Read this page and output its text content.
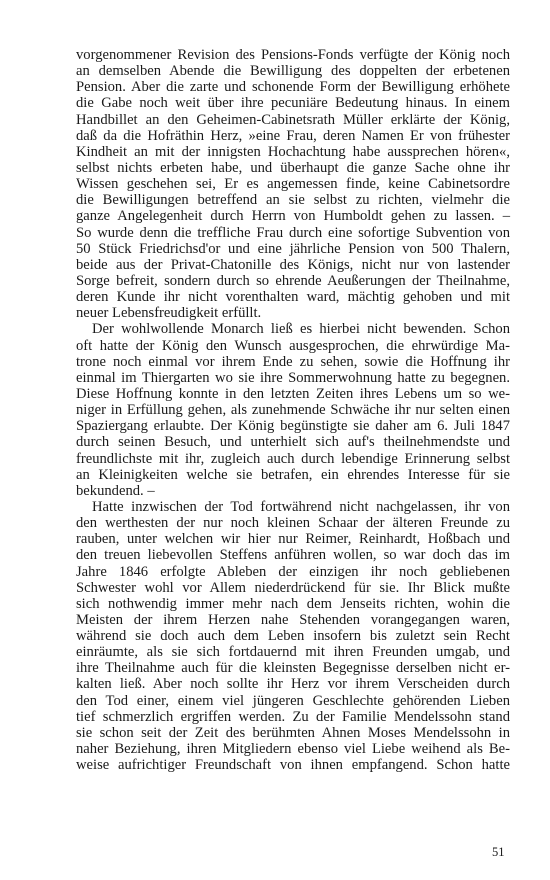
vorgenommener Revision des Pensions-Fonds verfügte der König noch
an demselben Abende die Bewilligung des doppelten der erbetenen
Pension. Aber die zarte und schonende Form der Bewilligung erhöhete
die Gabe noch weit über ihre pecuniäre Bedeutung hinaus. In einem
Handbillet an den Geheimen-Cabinetsrath Müller erklärte der König,
daß da die Hofräthin Herz, »eine Frau, deren Namen Er von frühester
Kindheit an mit der innigsten Hochachtung habe aussprechen hören«,
selbst nichts erbeten habe, und überhaupt die ganze Sache ohne ihr
Wissen geschehen sei, Er es angemessen finde, keine Cabinetsordre
die Bewilligungen betreffend an sie selbst zu richten, vielmehr die
ganze Angelegenheit durch Herrn von Humboldt gehen zu lassen. –
So wurde denn die treffliche Frau durch eine sofortige Subvention von
50 Stück Friedrichsd'or und eine jährliche Pension von 500 Thalern,
beide aus der Privat-Chatonille des Königs, nicht nur von lastender
Sorge befreit, sondern durch so ehrende Aeußerungen der Theilnahme,
deren Kunde ihr nicht vorenthalten ward, mächtig gehoben und mit
neuer Lebensfreudigkeit erfüllt.
Der wohlwollende Monarch ließ es hierbei nicht bewenden. Schon
oft hatte der König den Wunsch ausgesprochen, die ehrwürdige Ma-
trone noch einmal vor ihrem Ende zu sehen, sowie die Hoffnung ihr
einmal im Thiergarten wo sie ihre Sommerwohnung hatte zu begegnen.
Diese Hoffnung konnte in den letzten Zeiten ihres Lebens um so we-
niger in Erfüllung gehen, als zunehmende Schwäche ihr nur selten einen
Spaziergang erlaubte. Der König begünstigte sie daher am 6. Juli 1847
durch seinen Besuch, und unterhielt sich auf's theilnehmendste und
freundlichste mit ihr, zugleich auch durch lebendige Erinnerung selbst
an Kleinigkeiten welche sie betrafen, ein ehrendes Interesse für sie
bekundend. –
Hatte inzwischen der Tod fortwährend nicht nachgelassen, ihr von
den werthesten der nur noch kleinen Schaar der älteren Freunde zu
rauben, unter welchen wir hier nur Reimer, Reinhardt, Hoßbach und
den treuen liebevollen Steffens anführen wollen, so war doch das im
Jahre 1846 erfolgte Ableben der einzigen ihr noch gebliebenen
Schwester wohl vor Allem niederdrückend für sie. Ihr Blick mußte
sich nothwendig immer mehr nach dem Jenseits richten, wohin die
Meisten der ihrem Herzen nahe Stehenden vorangegangen waren,
während sie doch auch dem Leben insofern bis zuletzt sein Recht
einräumte, als sie sich fortdauernd mit ihren Freunden umgab, und
ihre Theilnahme auch für die kleinsten Begegnisse derselben nicht er-
kalten ließ. Aber noch sollte ihr Herz vor ihrem Verscheiden durch
den Tod einer, einem viel jüngeren Geschlechte gehörenden Lieben
tief schmerzlich ergriffen werden. Zu der Familie Mendelssohn stand
sie schon seit der Zeit des berühmten Ahnen Moses Mendelssohn in
naher Beziehung, ihren Mitgliedern ebenso viel Liebe weihend als Be-
weise aufrichtiger Freundschaft von ihnen empfangend. Schon hatte
51
